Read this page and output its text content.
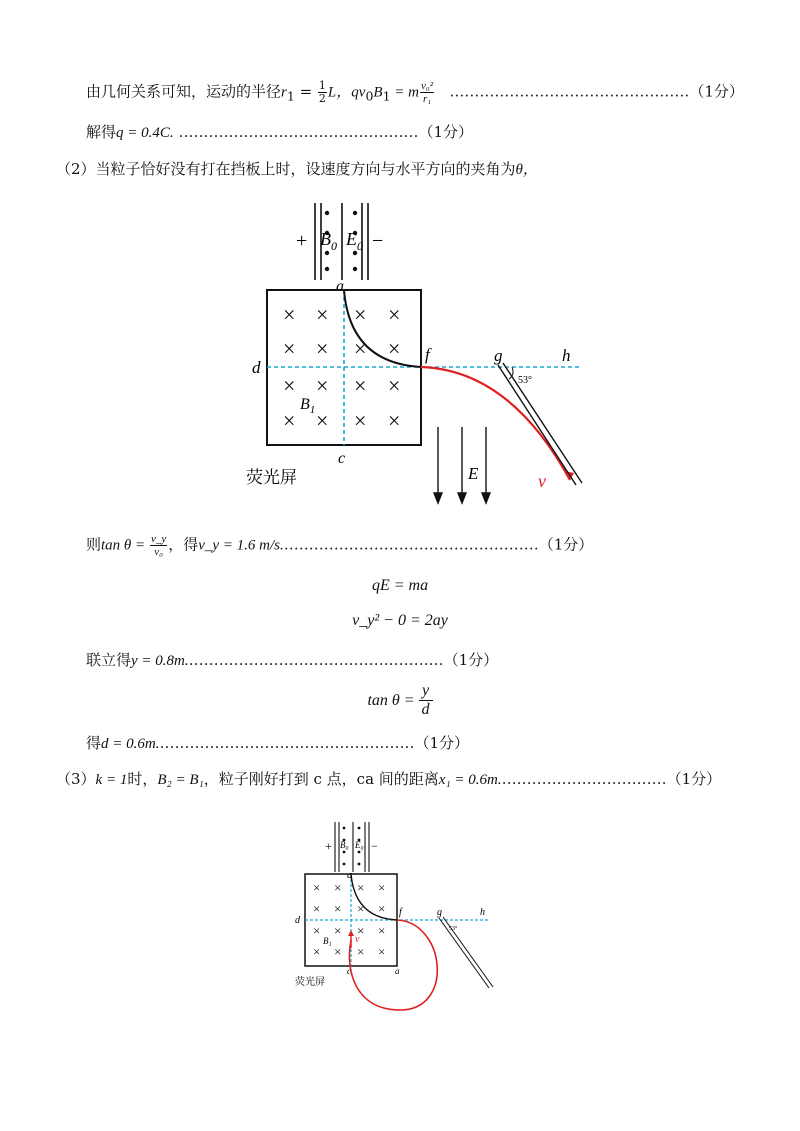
由几何关系可知，运动的半径$r_1 = \frac{1}{2}$ L，$qv_0B_1 = m \frac{\text{v₀²}}{\text{r₁}}$ …………………………………………（1分）
解得q = 0.4C. …………………………………………（1分）
（2）当粒子恰好没有打在挡板上时，设速度方向与水平方向的夹角为θ，
+	−
$B_0$ $E_0$
a
× × × ×
× × × ×
× × × ×
× × × ×
53°
d
f	g	h
$B_1$
c
荧光屏	E	v
则$\tan \theta = \frac{v\_y}{\text{v₀}}$ ，得v_y = 1.6 m/s.……………………………………………（1分）
qE = ma
v_y² − 0 = 2ay
联立得y = 0.8m.……………………………………………（1分）
$\tan \theta = \frac{y}{d}$
得d = 0.6m.……………………………………………（1分）
（3）k = 1时，B₂ = B₁，粒子刚好打到 c 点，ca 间的距离x₁ = 0.6m.……………………………（1分）
+	−
B₀ E₀
a
× × × ×
× × × ×
× × × ×
× × × ×
v
53°
d
f	g	h
B₁
c	a
荧光屏
